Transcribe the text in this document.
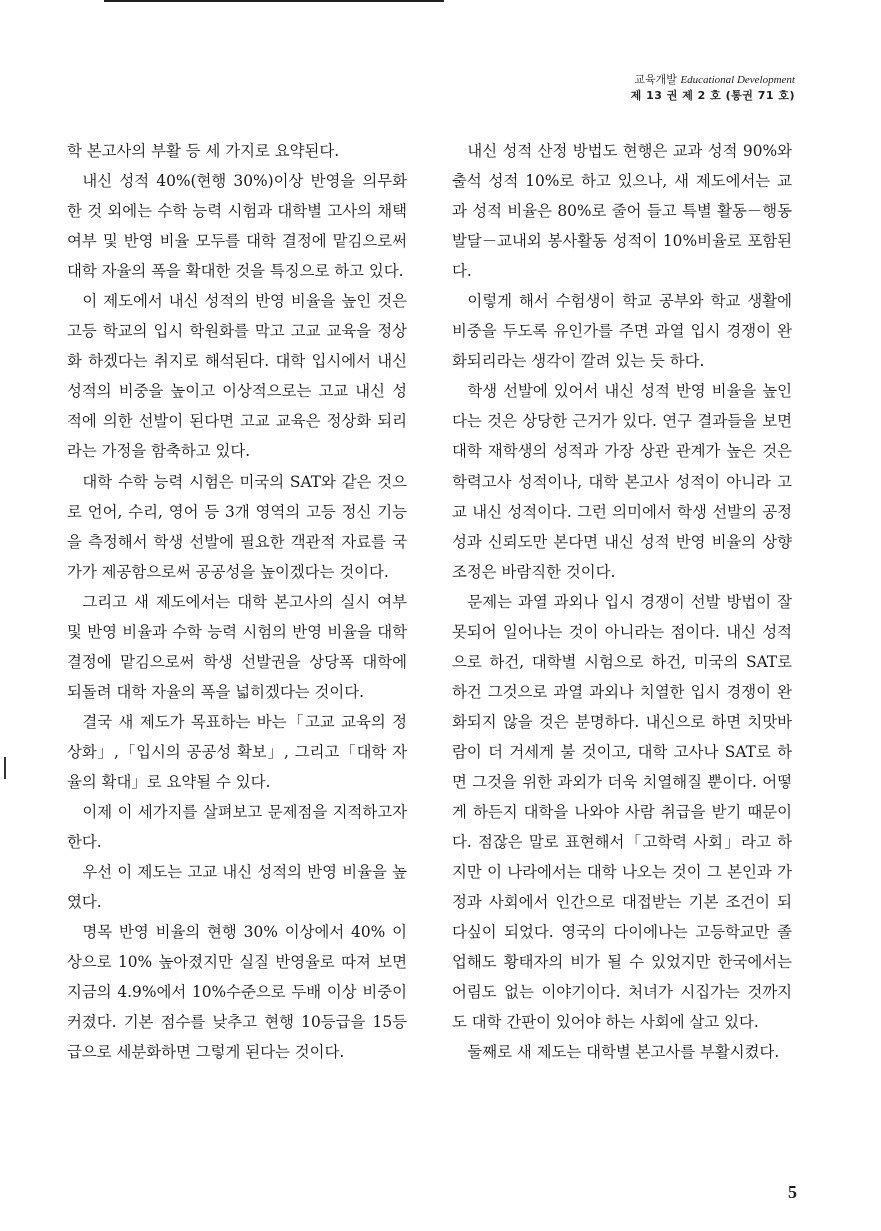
교육개발 Educational Development
제 13 권 제 2 호 (통권 71 호)

학 본고사의 부활 등 세 가지로 요약된다.

내신 성적 40%(현행 30%)이상 반영을 의무화 한 것 외에는 수학 능력 시험과 대학별 고사의 채택 여부 및 반영 비율 모두를 대학 결정에 맡김으로써 대학 자율의 폭을 확대한 것을 특징으로 하고 있다.

이 제도에서 내신 성적의 반영 비율을 높인 것은 고등 학교의 입시 학원화를 막고 고교 교육을 정상화 하겠다는 취지로 해석된다. 대학 입시에서 내신 성적의 비중을 높이고 이상적으로는 고교 내신 성적에 의한 선발이 된다면 고교 교육은 정상화 되리라는 가정을 함축하고 있다.

대학 수학 능력 시험은 미국의 SAT와 같은 것으로 언어, 수리, 영어 등 3개 영역의 고등 정신 기능을 측정해서 학생 선발에 필요한 객관적 자료를 국가가 제공함으로써 공공성을 높이겠다는 것이다.

그리고 새 제도에서는 대학 본고사의 실시 여부 및 반영 비율과 수학 능력 시험의 반영 비율을 대학 결정에 맡김으로써 학생 선발권을 상당폭 대학에 되돌려 대학 자율의 폭을 넓히겠다는 것이다.

결국 새 제도가 목표하는 바는「고교 교육의 정상화」,「입시의 공공성 확보」, 그리고「대학 자율의 확대」로 요약될 수 있다.

이제 이 세가지를 살펴보고 문제점을 지적하고자 한다.

우선 이 제도는 고교 내신 성적의 반영 비율을 높였다.

명목 반영 비율의 현행 30% 이상에서 40% 이상으로 10% 높아졌지만 실질 반영율로 따져 보면 지금의 4.9%에서 10%수준으로 두배 이상 비중이 커졌다. 기본 점수를 낮추고 현행 10등급을 15등급으로 세분화하면 그렇게 된다는 것이다.

내신 성적 산정 방법도 현행은 교과 성적 90%와 출석 성적 10%로 하고 있으나, 새 제도에서는 교과 성적 비율은 80%로 줄어 들고 특별 활동－행동 발달－교내외 봉사활동 성적이 10%비율로 포함된다.

이렇게 해서 수험생이 학교 공부와 학교 생활에 비중을 두도록 유인가를 주면 과열 입시 경쟁이 완화되리라는 생각이 깔려 있는 듯 하다.

학생 선발에 있어서 내신 성적 반영 비율을 높인다는 것은 상당한 근거가 있다. 연구 결과들을 보면 대학 재학생의 성적과 가장 상관 관계가 높은 것은 학력고사 성적이나, 대학 본고사 성적이 아니라 고교 내신 성적이다. 그런 의미에서 학생 선발의 공정성과 신뢰도만 본다면 내신 성적 반영 비율의 상향 조정은 바람직한 것이다.

문제는 과열 과외나 입시 경쟁이 선발 방법이 잘못되어 일어나는 것이 아니라는 점이다. 내신 성적으로 하건, 대학별 시험으로 하건, 미국의 SAT로 하건 그것으로 과열 과외나 치열한 입시 경쟁이 완화되지 않을 것은 분명하다. 내신으로 하면 치맛바람이 더 거세게 불 것이고, 대학 고사나 SAT로 하면 그것을 위한 과외가 더욱 치열해질 뿐이다. 어떻게 하든지 대학을 나와야 사람 취급을 받기 때문이다. 점잖은 말로 표현해서「고학력 사회」라고 하지만 이 나라에서는 대학 나오는 것이 그 본인과 가정과 사회에서 인간으로 대접받는 기본 조건이 되다싶이 되었다. 영국의 다이에나는 고등학교만 졸업해도 황태자의 비가 될 수 있었지만 한국에서는 어림도 없는 이야기이다. 처녀가 시집가는 것까지도 대학 간판이 있어야 하는 사회에 살고 있다.

둘째로 새 제도는 대학별 본고사를 부활시켰다.

5
